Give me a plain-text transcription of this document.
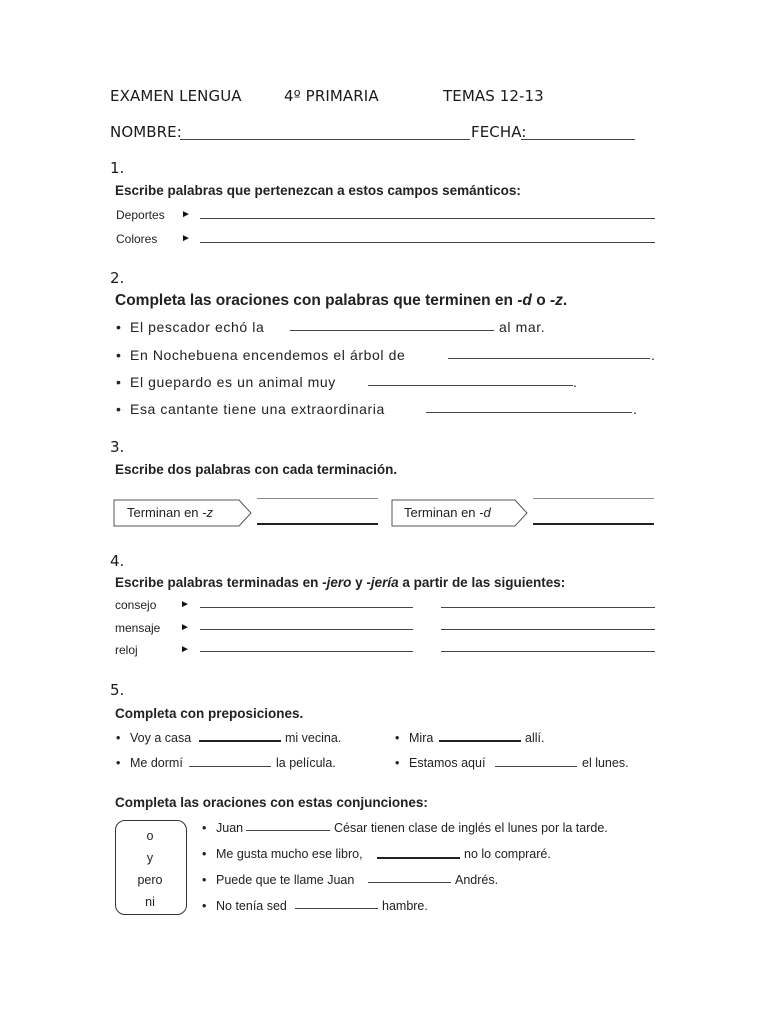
EXAMEN LENGUA	4º PRIMARIA	TEMAS 12-13
NOMBRE:	FECHA:
1.
Escribe palabras que pertenezcan a estos campos semánticos:
Deportes ►
Colores ►
2.
Completa las oraciones con palabras que terminen en -d o -z.
• El pescador echó la	al mar.
• En Nochebuena encendemos el árbol de	.
• El guepardo es un animal muy	.
• Esa cantante tiene una extraordinaria	.
3.
Escribe dos palabras con cada terminación.
Terminan en -z	Terminan en -d
4.
Escribe palabras terminadas en -jero y -jería a partir de las siguientes:
consejo ►
mensaje ►
reloj	►
5.
Completa con preposiciones.
• Voy a casa	mi vecina.	• Mira	allí.
• Me dormí	la película.	• Estamos aquí	el lunes.
Completa las oraciones con estas conjunciones:
o
y
pero
ni
• Juan	César tienen clase de inglés el lunes por la tarde.
• Me gusta mucho ese libro,	no lo compraré.
• Puede que te llame Juan	Andrés.
• No tenía sed	hambre.
